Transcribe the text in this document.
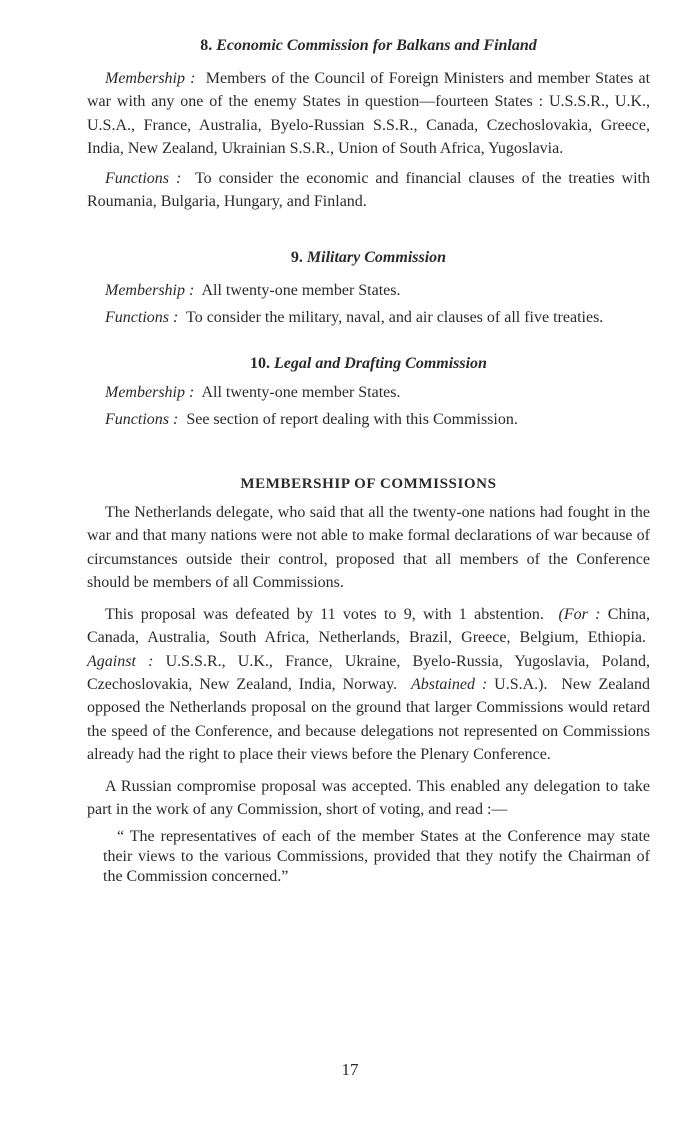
8. Economic Commission for Balkans and Finland

Membership : Members of the Council of Foreign Ministers and member States at war with any one of the enemy States in question—fourteen States : U.S.S.R., U.K., U.S.A., France, Australia, Byelo-Russian S.S.R., Canada, Czechoslovakia, Greece, India, New Zealand, Ukrainian S.S.R., Union of South Africa, Yugoslavia.

Functions : To consider the economic and financial clauses of the treaties with Roumania, Bulgaria, Hungary, and Finland.

9. Military Commission

Membership : All twenty-one member States.

Functions : To consider the military, naval, and air clauses of all five treaties.

10. Legal and Drafting Commission

Membership : All twenty-one member States.

Functions : See section of report dealing with this Commission.

MEMBERSHIP OF COMMISSIONS

The Netherlands delegate, who said that all the twenty-one nations had fought in the war and that many nations were not able to make formal declarations of war because of circumstances outside their control, proposed that all members of the Conference should be members of all Commissions.

This proposal was defeated by 11 votes to 9, with 1 abstention. (For : China, Canada, Australia, South Africa, Netherlands, Brazil, Greece, Belgium, Ethiopia.  Against : U.S.S.R., U.K., France, Ukraine, Byelo-Russia, Yugoslavia, Poland, Czechoslovakia, New Zealand, India, Norway. Abstained : U.S.A.). New Zealand opposed the Netherlands proposal on the ground that larger Commissions would retard the speed of the Conference, and because delegations not represented on Commissions already had the right to place their views before the Plenary Conference.

A Russian compromise proposal was accepted. This enabled any delegation to take part in the work of any Commission, short of voting, and read :—

“ The representatives of each of the member States at the Conference may state their views to the various Commissions, provided that they notify the Chairman of the Commission concerned.”

17
